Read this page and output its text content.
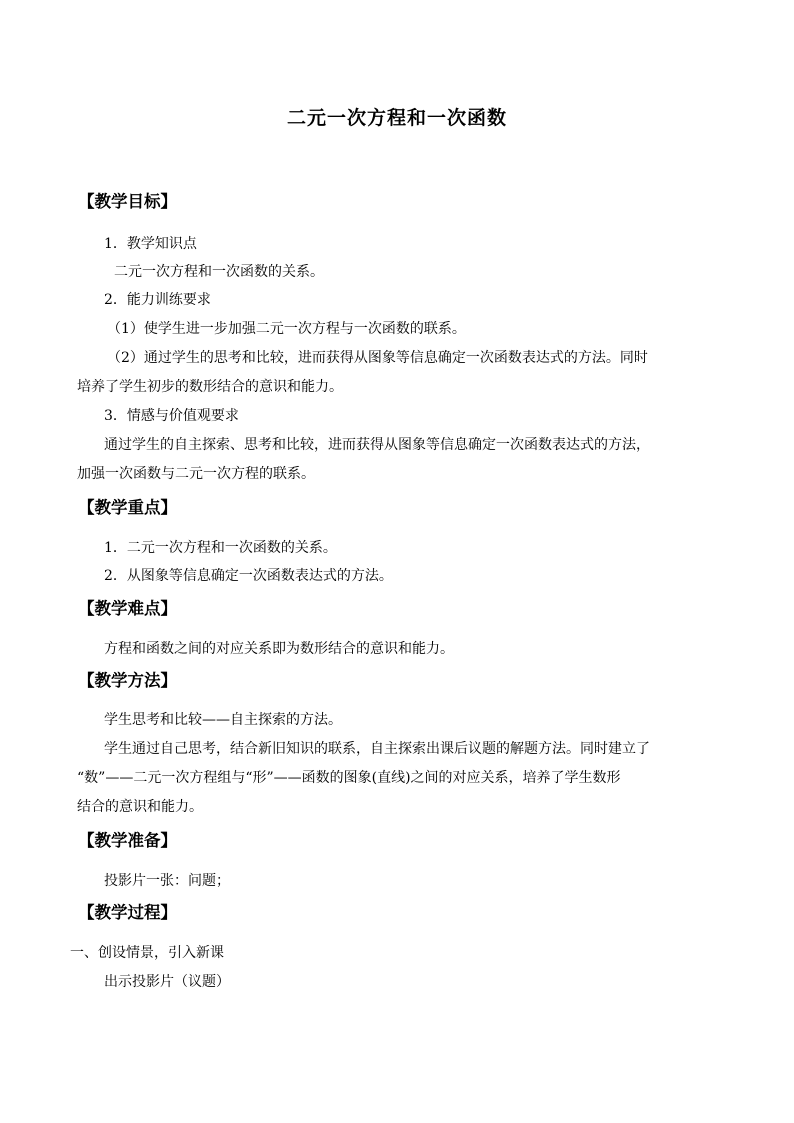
二元一次方程和一次函数
【教学目标】
1．教学知识点
二元一次方程和一次函数的关系。
2．能力训练要求
（1）使学生进一步加强二元一次方程与一次函数的联系。
（2）通过学生的思考和比较，进而获得从图象等信息确定一次函数表达式的方法。同时
培养了学生初步的数形结合的意识和能力。
3．情感与价值观要求
通过学生的自主探索、思考和比较，进而获得从图象等信息确定一次函数表达式的方法，
加强一次函数与二元一次方程的联系。
【教学重点】
1．二元一次方程和一次函数的关系。
2．从图象等信息确定一次函数表达式的方法。
【教学难点】
方程和函数之间的对应关系即为数形结合的意识和能力。
【教学方法】
学生思考和比较——自主探索的方法。
学生通过自己思考，结合新旧知识的联系，自主探索出课后议题的解题方法。同时建立了
“数”——二元一次方程组与“形”——函数的图象(直线)之间的对应关系，培养了学生数形
结合的意识和能力。
【教学准备】
投影片一张：问题；
【教学过程】
一、创设情景，引入新课
出示投影片（议题）
